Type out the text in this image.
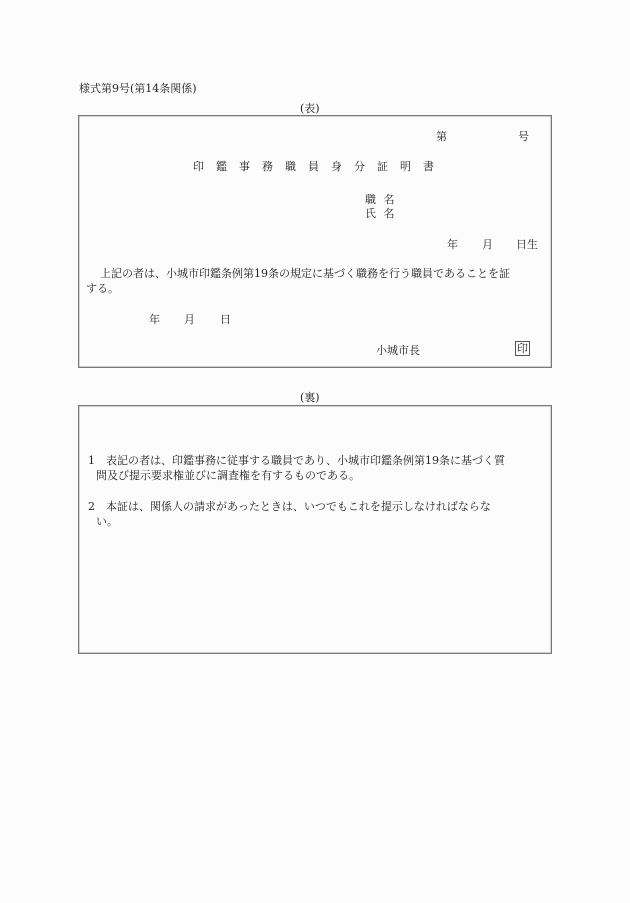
様式第9号(第14条関係)
(表)
第	号
印鑑事務職員身分証明書
職 名
氏 名
年 月 日生
上記の者は、小城市印鑑条例第19条の規定に基づく職務を行う職員であることを証
する。
年 月 日
小城市長	印
(裏)
1　表記の者は、印鑑事務に従事する職員であり、小城市印鑑条例第19条に基づく質
問及び提示要求権並びに調査権を有するものである。
2　本証は、関係人の請求があったときは、いつでもこれを提示しなければならな
い。
